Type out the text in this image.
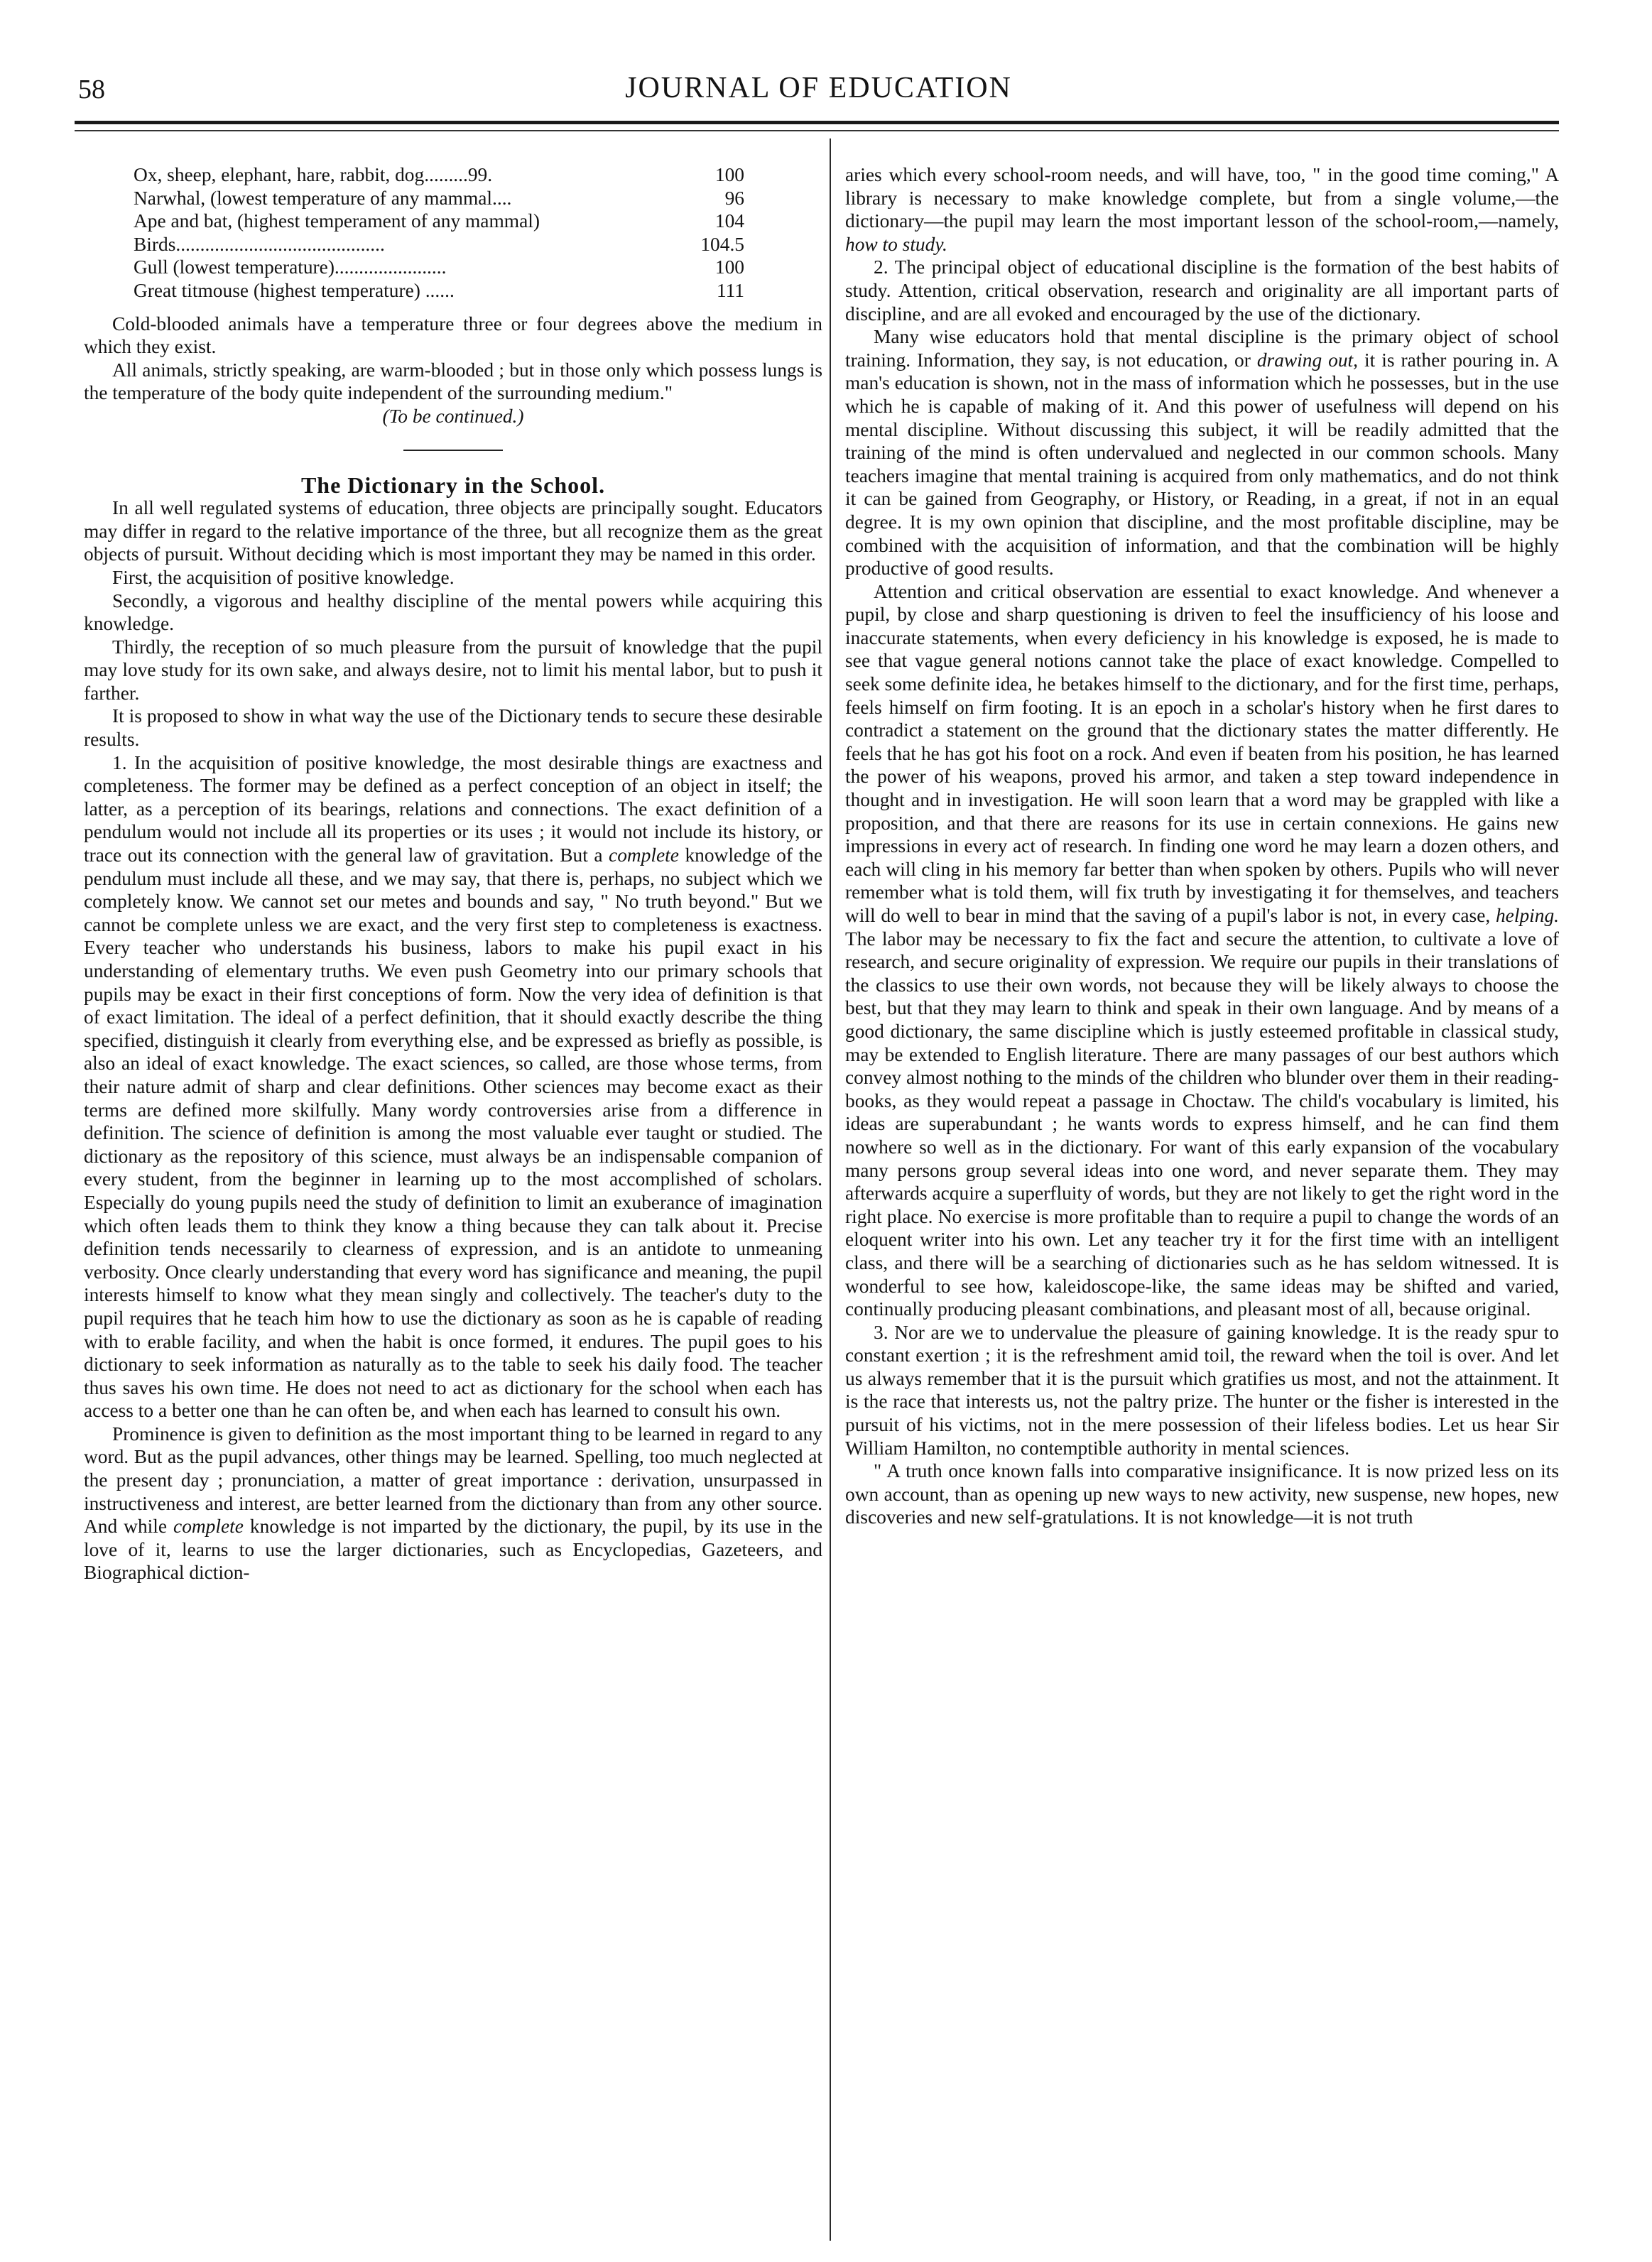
58	JOURNAL OF EDUCATION
Ox, sheep, elephant, hare, rabbit, dog.........99.	100
Narwhal, (lowest temperature of any mammal....	96
Ape and bat, (highest temperament of any mammal)	104
Birds...........................................	104.5
Gull (lowest temperature).......................	100
Great titmouse (highest temperature) ......	111

Cold-blooded animals have a temperature three or four degrees above the medium in which they exist.

All animals, strictly speaking, are warm-blooded ; but in those only which possess lungs is the temperature of the body quite independent of the surrounding medium."

(To be continued.)

The Dictionary in the School.

In all well regulated systems of education, three objects are principally sought. Educators may differ in regard to the relative importance of the three, but all recognize them as the great objects of pursuit. Without deciding which is most important they may be named in this order.

First, the acquisition of positive knowledge.

Secondly, a vigorous and healthy discipline of the mental powers while acquiring this knowledge.

Thirdly, the reception of so much pleasure from the pursuit of knowledge that the pupil may love study for its own sake, and always desire, not to limit his mental labor, but to push it farther.

It is proposed to show in what way the use of the Dictionary tends to secure these desirable results.

1. In the acquisition of positive knowledge, the most desirable things are exactness and completeness. The former may be defined as a perfect conception of an object in itself; the latter, as a perception of its bearings, relations and connections. The exact definition of a pendulum would not include all its properties or its uses ; it would not include its history, or trace out its connection with the general law of gravitation. But a complete knowledge of the pendulum must include all these, and we may say, that there is, perhaps, no subject which we completely know. We cannot set our metes and bounds and say, " No truth beyond." But we cannot be complete unless we are exact, and the very first step to completeness is exactness. Every teacher who understands his business, labors to make his pupil exact in his understanding of elementary truths. We even push Geometry into our primary schools that pupils may be exact in their first conceptions of form. Now the very idea of definition is that of exact limitation. The ideal of a perfect definition, that it should exactly describe the thing specified, distinguish it clearly from everything else, and be expressed as briefly as possible, is also an ideal of exact knowledge. The exact sciences, so called, are those whose terms, from their nature admit of sharp and clear definitions. Other sciences may become exact as their terms are defined more skilfully. Many wordy controversies arise from a difference in definition. The science of definition is among the most valuable ever taught or studied. The dictionary as the repository of this science, must always be an indispensable companion of every student, from the beginner in learning up to the most accomplished of scholars. Especially do young pupils need the study of definition to limit an exuberance of imagination which often leads them to think they know a thing because they can talk about it. Precise definition tends necessarily to clearness of expression, and is an antidote to unmeaning verbosity. Once clearly understanding that every word has significance and meaning, the pupil interests himself to know what they mean singly and collectively. The teacher's duty to the pupil requires that he teach him how to use the dictionary as soon as he is capable of reading with to erable facility, and when the habit is once formed, it endures. The pupil goes to his dictionary to seek information as naturally as to the table to seek his daily food. The teacher thus saves his own time. He does not need to act as dictionary for the school when each has access to a better one than he can often be, and when each has learned to consult his own.

Prominence is given to definition as the most important thing to be learned in regard to any word. But as the pupil advances, other things may be learned. Spelling, too much neglected at the present day ; pronunciation, a matter of great importance : derivation, unsurpassed in instructiveness and interest, are better learned from the dictionary than from any other source. And while complete knowledge is not imparted by the dictionary, the pupil, by its use in the love of it, learns to use the larger dictionaries, such as Encyclopedias, Gazeteers, and Biographical diction-

aries which every school-room needs, and will have, too, " in the good time coming," A library is necessary to make knowledge complete, but from a single volume,—the dictionary—the pupil may learn the most important lesson of the school-room,—namely, how to study.

2. The principal object of educational discipline is the formation of the best habits of study. Attention, critical observation, research and originality are all important parts of discipline, and are all evoked and encouraged by the use of the dictionary.

Many wise educators hold that mental discipline is the primary object of school training. Information, they say, is not education, or drawing out, it is rather pouring in. A man's education is shown, not in the mass of information which he possesses, but in the use which he is capable of making of it. And this power of usefulness will depend on his mental discipline. Without discussing this subject, it will be readily admitted that the training of the mind is often undervalued and neglected in our common schools. Many teachers imagine that mental training is acquired from only mathematics, and do not think it can be gained from Geography, or History, or Reading, in a great, if not in an equal degree. It is my own opinion that discipline, and the most profitable discipline, may be combined with the acquisition of information, and that the combination will be highly productive of good results.

Attention and critical observation are essential to exact knowledge. And whenever a pupil, by close and sharp questioning is driven to feel the insufficiency of his loose and inaccurate statements, when every deficiency in his knowledge is exposed, he is made to see that vague general notions cannot take the place of exact knowledge. Compelled to seek some definite idea, he betakes himself to the dictionary, and for the first time, perhaps, feels himself on firm footing. It is an epoch in a scholar's history when he first dares to contradict a statement on the ground that the dictionary states the matter differently. He feels that he has got his foot on a rock. And even if beaten from his position, he has learned the power of his weapons, proved his armor, and taken a step toward independence in thought and in investigation. He will soon learn that a word may be grappled with like a proposition, and that there are reasons for its use in certain connexions. He gains new impressions in every act of research. In finding one word he may learn a dozen others, and each will cling in his memory far better than when spoken by others. Pupils who will never remember what is told them, will fix truth by investigating it for themselves, and teachers will do well to bear in mind that the saving of a pupil's labor is not, in every case, helping. The labor may be necessary to fix the fact and secure the attention, to cultivate a love of research, and secure originality of expression. We require our pupils in their translations of the classics to use their own words, not because they will be likely always to choose the best, but that they may learn to think and speak in their own language. And by means of a good dictionary, the same discipline which is justly esteemed profitable in classical study, may be extended to English literature. There are many passages of our best authors which convey almost nothing to the minds of the children who blunder over them in their reading-books, as they would repeat a passage in Choctaw. The child's vocabulary is limited, his ideas are superabundant ; he wants words to express himself, and he can find them nowhere so well as in the dictionary. For want of this early expansion of the vocabulary many persons group several ideas into one word, and never separate them. They may afterwards acquire a superfluity of words, but they are not likely to get the right word in the right place. No exercise is more profitable than to require a pupil to change the words of an eloquent writer into his own. Let any teacher try it for the first time with an intelligent class, and there will be a searching of dictionaries such as he has seldom witnessed. It is wonderful to see how, kaleidoscope-like, the same ideas may be shifted and varied, continually producing pleasant combinations, and pleasant most of all, because original.

3. Nor are we to undervalue the pleasure of gaining knowledge. It is the ready spur to constant exertion ; it is the refreshment amid toil, the reward when the toil is over. And let us always remember that it is the pursuit which gratifies us most, and not the attainment. It is the race that interests us, not the paltry prize. The hunter or the fisher is interested in the pursuit of his victims, not in the mere possession of their lifeless bodies. Let us hear Sir William Hamilton, no contemptible authority in mental sciences.

" A truth once known falls into comparative insignificance. It is now prized less on its own account, than as opening up new ways to new activity, new suspense, new hopes, new discoveries and new self-gratulations. It is not knowledge—it is not truth
